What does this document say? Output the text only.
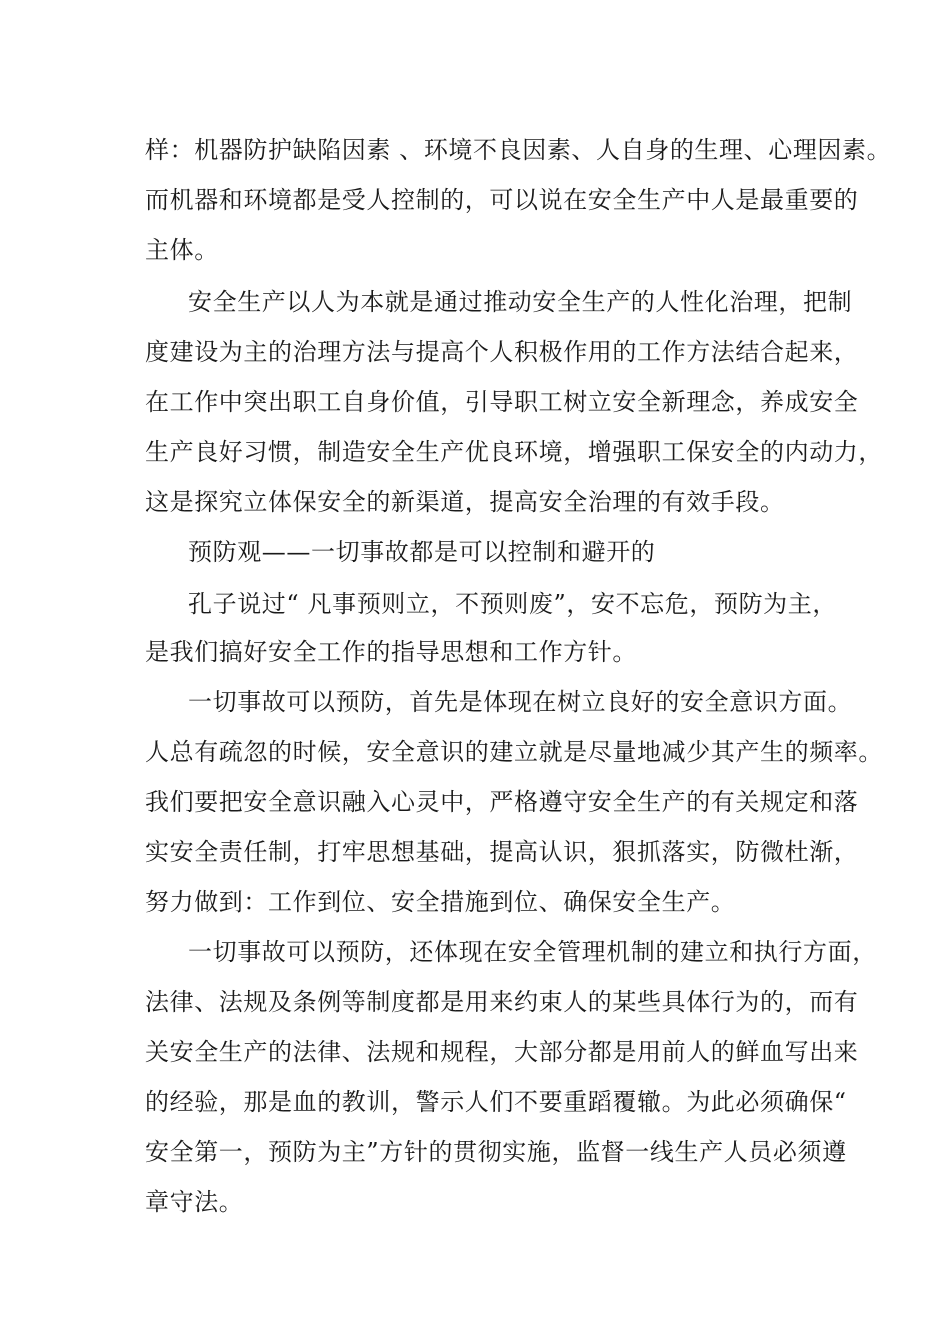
样：机器防护缺陷因素 、环境不良因素、人自身的生理、心理因素。
而机器和环境都是受人控制的，可以说在安全生产中人是最重要的
主体。
安全生产以人为本就是通过推动安全生产的人性化治理，把制
度建设为主的治理方法与提高个人积极作用的工作方法结合起来，
在工作中突出职工自身价值，引导职工树立安全新理念，养成安全
生产良好习惯，制造安全生产优良环境，增强职工保安全的内动力，
这是探究立体保安全的新渠道，提高安全治理的有效手段。
预防观——一切事故都是可以控制和避开的
孔子说过“ 凡事预则立，不预则废”，安不忘危，预防为主，
是我们搞好安全工作的指导思想和工作方针。
一切事故可以预防，首先是体现在树立良好的安全意识方面。
人总有疏忽的时候，安全意识的建立就是尽量地减少其产生的频率。
我们要把安全意识融入心灵中，严格遵守安全生产的有关规定和落
实安全责任制，打牢思想基础，提高认识，狠抓落实，防微杜渐，
努力做到：工作到位、安全措施到位、确保安全生产。
一切事故可以预防，还体现在安全管理机制的建立和执行方面，
法律、法规及条例等制度都是用来约束人的某些具体行为的，而有
关安全生产的法律、法规和规程，大部分都是用前人的鲜血写出来
的经验，那是血的教训，警示人们不要重蹈覆辙。为此必须确保“
安全第一，预防为主”方针的贯彻实施，监督一线生产人员必须遵
章守法。
